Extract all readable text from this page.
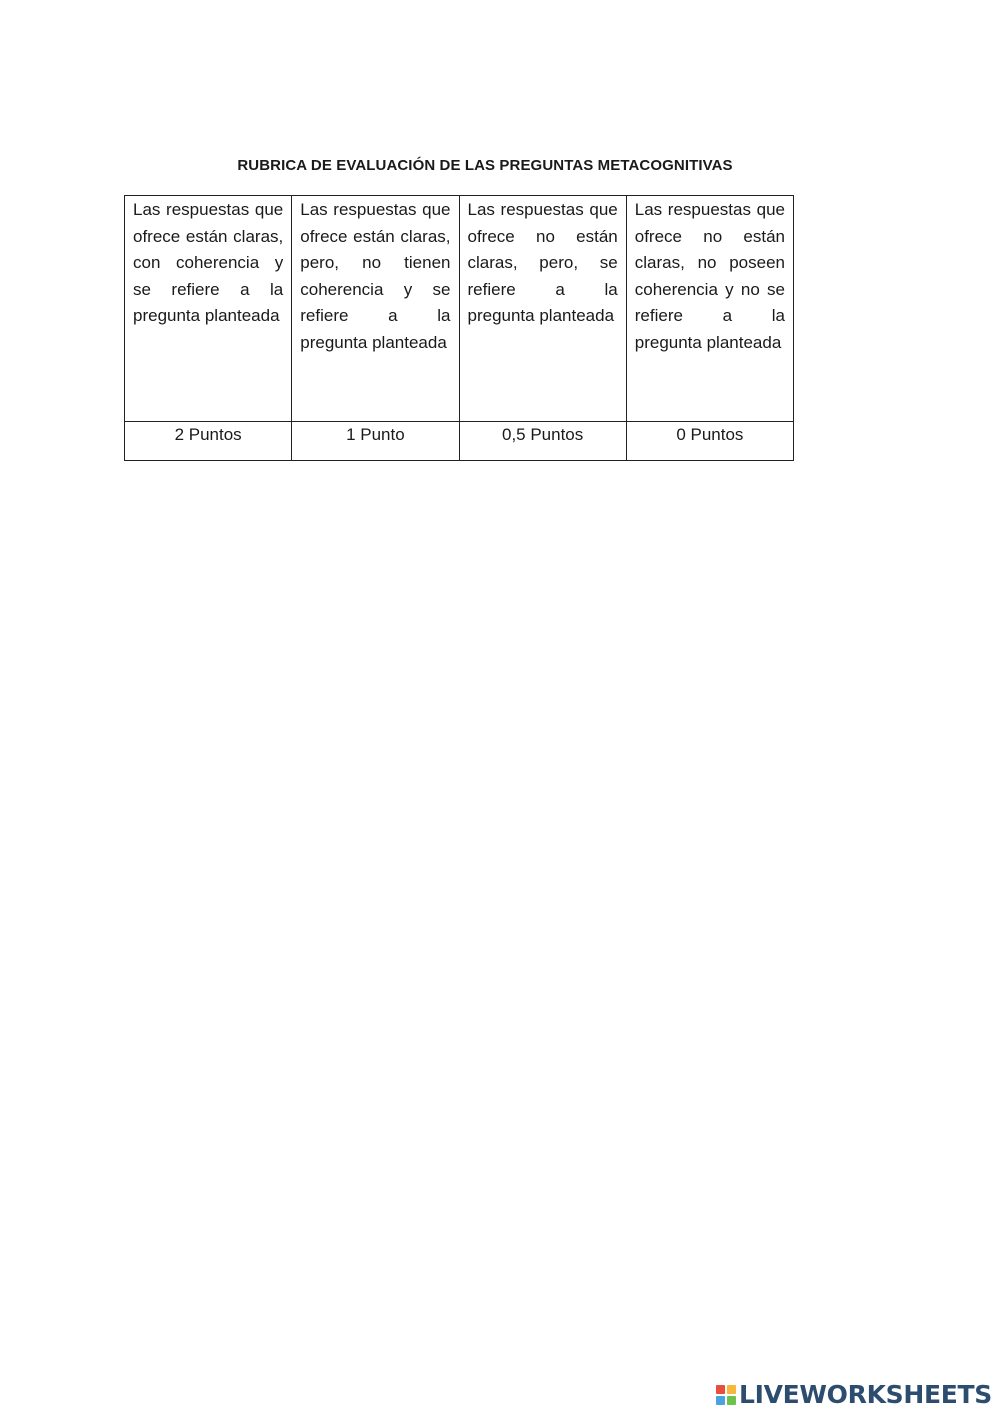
RUBRICA DE EVALUACIÓN DE LAS PREGUNTAS METACOGNITIVAS
Las respuestas que ofrece están claras, con coherencia y se refiere a la pregunta planteada	Las respuestas que ofrece están claras, pero, no tienen coherencia y se refiere a la pregunta planteada	Las respuestas que ofrece no están claras, pero, se refiere a la pregunta planteada	Las respuestas que ofrece no están claras, no poseen coherencia y no se refiere a la pregunta planteada

2 Puntos	1 Punto	0,5 Puntos	0 Puntos
LIVEWORKSHEETS
